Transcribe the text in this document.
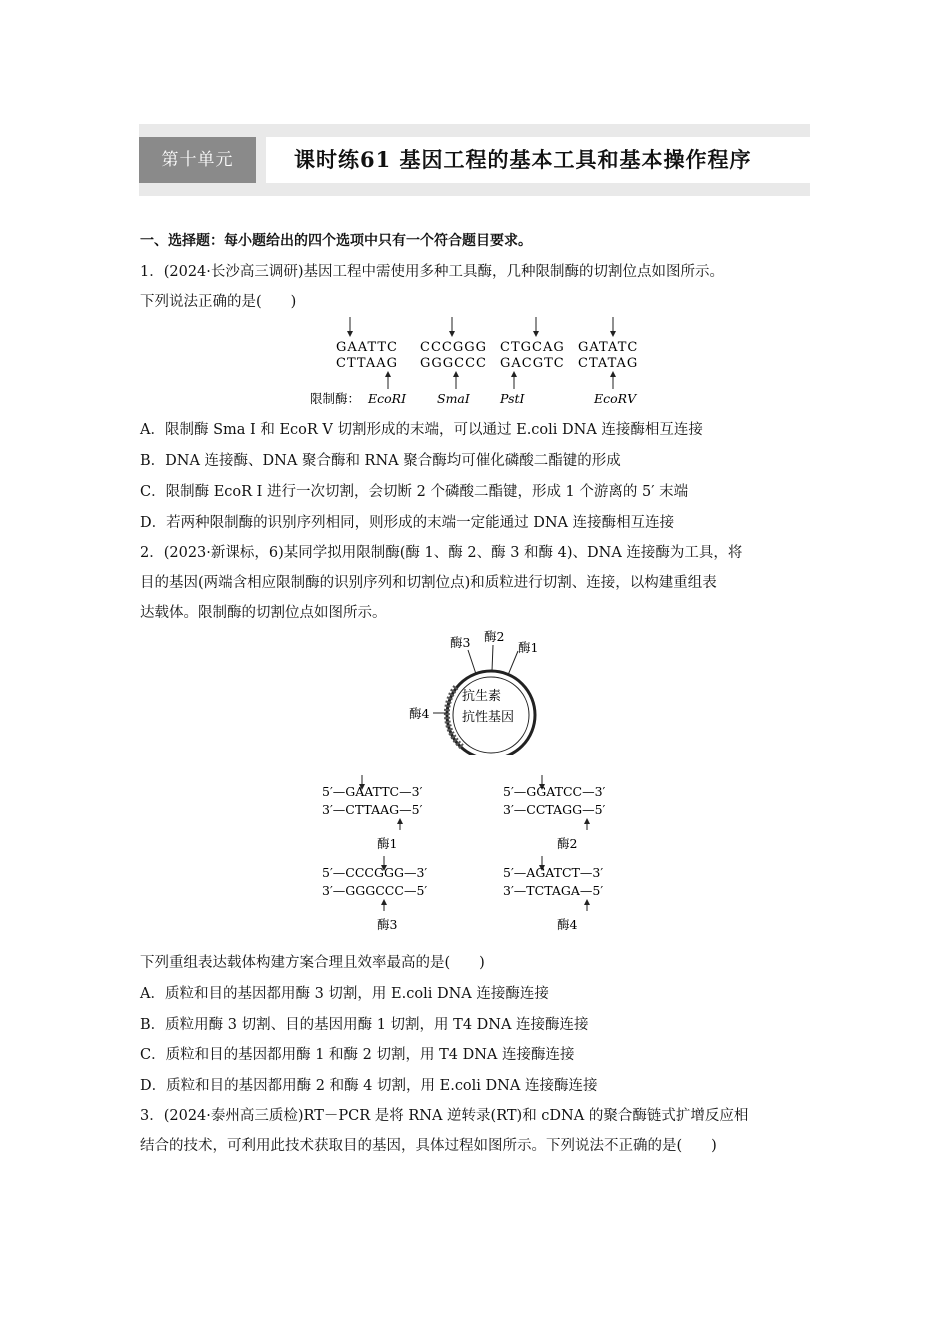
第十单元	课时练61 基因工程的基本工具和基本操作程序
一、选择题：每小题给出的四个选项中只有一个符合题目要求。
1．(2024·长沙高三调研)基因工程中需使用多种工具酶，几种限制酶的切割位点如图所示。
下列说法正确的是(　　)
GAATTC CCCGGG CTGCAG GATATC
CTTAAG GGGCCC GACGTC CTATAG
限制酶： EcoRⅠ SmaⅠ PstⅠ	EcoRⅤ
A．限制酶 Sma Ⅰ 和 EcoR V 切割形成的末端，可以通过 E.coli DNA 连接酶相互连接
B．DNA 连接酶、DNA 聚合酶和 RNA 聚合酶均可催化磷酸二酯键的形成
C．限制酶 EcoR Ⅰ 进行一次切割，会切断 2 个磷酸二酯键，形成 1 个游离的 5′ 末端
D．若两种限制酶的识别序列相同，则形成的末端一定能通过 DNA 连接酶相互连接
2．(2023·新课标，6)某同学拟用限制酶(酶 1、酶 2、酶 3 和酶 4)、DNA 连接酶为工具，将
目的基因(两端含相应限制酶的识别序列和切割位点)和质粒进行切割、连接，以构建重组表
达载体。限制酶的切割位点如图所示。
酶3 酶2
酶1
酶4
抗生素
抗性基因
5′—GAATTC—3′
3′—CTTAAG—5′
酶1
5′—GGATCC—3′
3′—CCTAGG—5′
酶2
5′—CCCGGG—3′
3′—GGGCCC—5′
酶3
5′—AGATCT—3′
3′—TCTAGA—5′
酶4
下列重组表达载体构建方案合理且效率最高的是(　　)
A．质粒和目的基因都用酶 3 切割，用 E.coli DNA 连接酶连接
B．质粒用酶 3 切割、目的基因用酶 1 切割，用 T4 DNA 连接酶连接
C．质粒和目的基因都用酶 1 和酶 2 切割，用 T4 DNA 连接酶连接
D．质粒和目的基因都用酶 2 和酶 4 切割，用 E.coli DNA 连接酶连接
3．(2024·泰州高三质检)RT－PCR 是将 RNA 逆转录(RT)和 cDNA 的聚合酶链式扩增反应相
结合的技术，可利用此技术获取目的基因，具体过程如图所示。下列说法不正确的是(　　)
